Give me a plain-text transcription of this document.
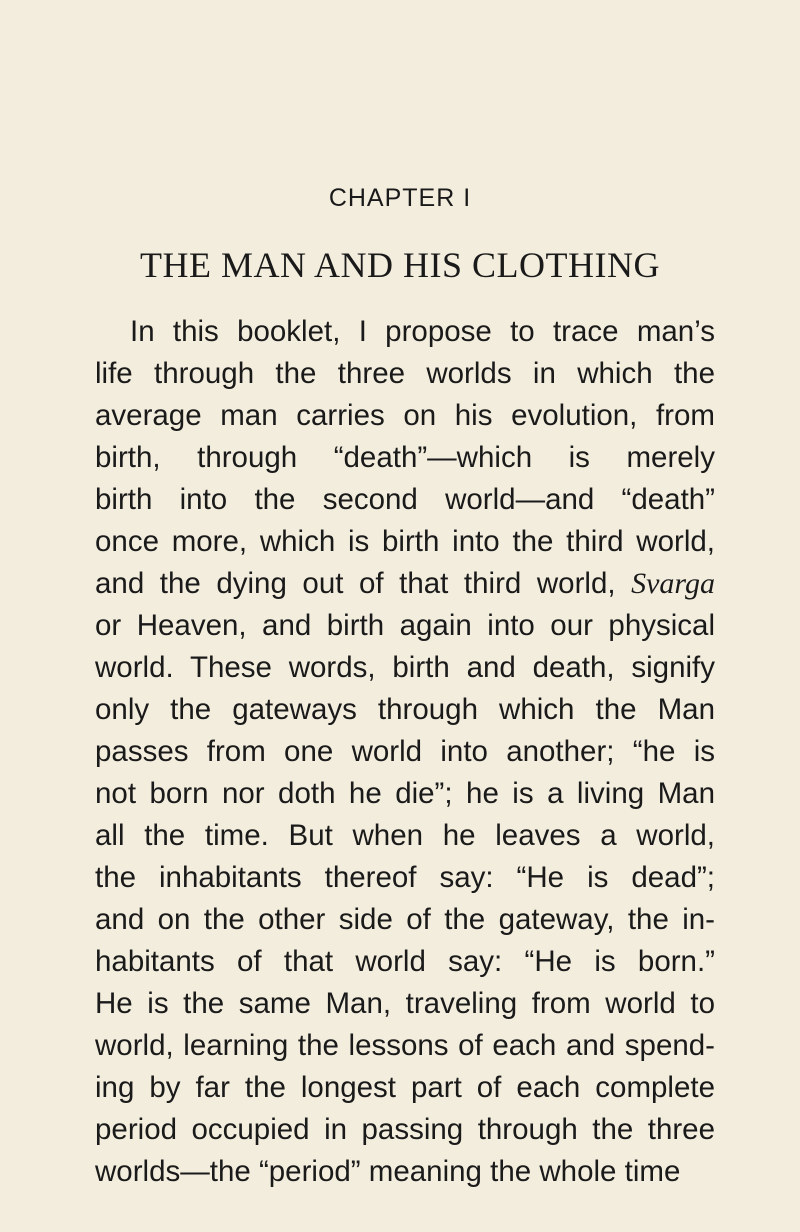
CHAPTER I
THE MAN AND HIS CLOTHING
In this booklet, I propose to trace man’s
life through the three worlds in which the
average man carries on his evolution, from
birth, through “death”—which is merely
birth into the second world—and “death”
once more, which is birth into the third world,
and the dying out of that third world, Svarga
or Heaven, and birth again into our physical
world. These words, birth and death, signify
only the gateways through which the Man
passes from one world into another; “he is
not born nor doth he die”; he is a living Man
all the time. But when he leaves a world,
the inhabitants thereof say: “He is dead”;
and on the other side of the gateway, the in-
habitants of that world say: “He is born.”
He is the same Man, traveling from world to
world, learning the lessons of each and spend-
ing by far the longest part of each complete
period occupied in passing through the three
worlds—the “period” meaning the whole time
